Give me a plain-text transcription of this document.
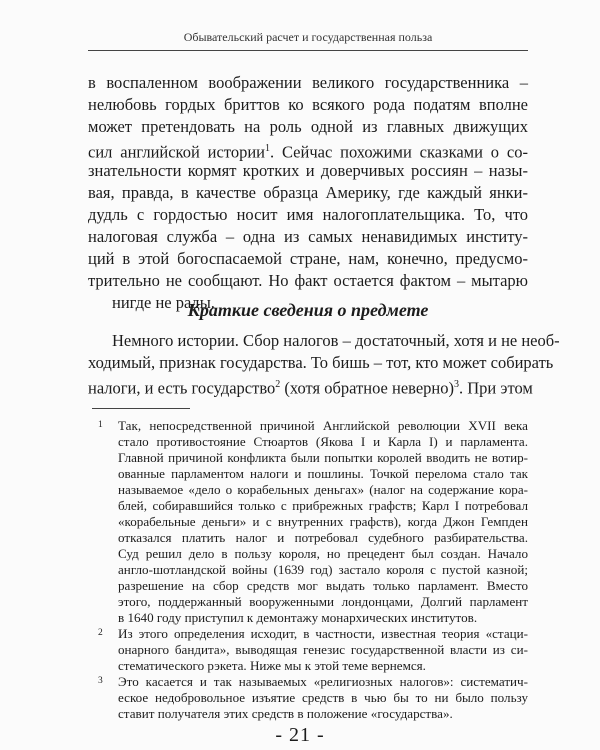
Обывательский расчет и государственная польза
в воспаленном воображении великого государственника –
нелюбовь гордых бриттов ко всякого рода податям вполне
может претендовать на роль одной из главных движущих
сил английской истории$^1$. Сейчас похожими сказками о со-
знательности кормят кротких и доверчивых россиян – назы-
вая, правда, в качестве образца Америку, где каждый янки-
дудль с гордостью носит имя налогоплательщика. То, что
налоговая служба – одна из самых ненавидимых институ-
ций в этой богоспасаемой стране, нам, конечно, предусмо-
трительно не сообщают. Но факт остается фактом – мытарю
нигде не рады.
Краткие сведения о предмете
Немного истории. Сбор налогов – достаточный, хотя и не необ-
ходимый, признак государства. То бишь – тот, кто может собирать
налоги, и есть государство$^2$ (хотя обратное неверно)$^3$. При этом
1 Так, непосредственной причиной Английской революции XVII века
стало противостояние Стюартов (Якова I и Карла I) и парламента.
Главной причиной конфликта были попытки королей вводить не вотир-
ованные парламентом налоги и пошлины. Точкой перелома стало так
называемое «дело о корабельных деньгах» (налог на содержание кора-
блей, собиравшийся только с прибрежных графств; Карл I потребовал
«корабельные деньги» и с внутренних графств), когда Джон Гемпден
отказался платить налог и потребовал судебного разбирательства.
Суд решил дело в пользу короля, но прецедент был создан. Начало
англо-шотландской войны (1639 год) застало короля с пустой казной;
разрешение на сбор средств мог выдать только парламент. Вместо
этого, поддержанный вооруженными лондонцами, Долгий парламент
в 1640 году приступил к демонтажу монархических институтов.
2 Из этого определения исходит, в частности, известная теория «стаци-
онарного бандита», выводящая генезис государственной власти из си-
стематического рэкета. Ниже мы к этой теме вернемся.
3 Это касается и так называемых «религиозных налогов»: систематич-
еское недобровольное изъятие средств в чью бы то ни было пользу
ставит получателя этих средств в положение «государства».
- 21 -
